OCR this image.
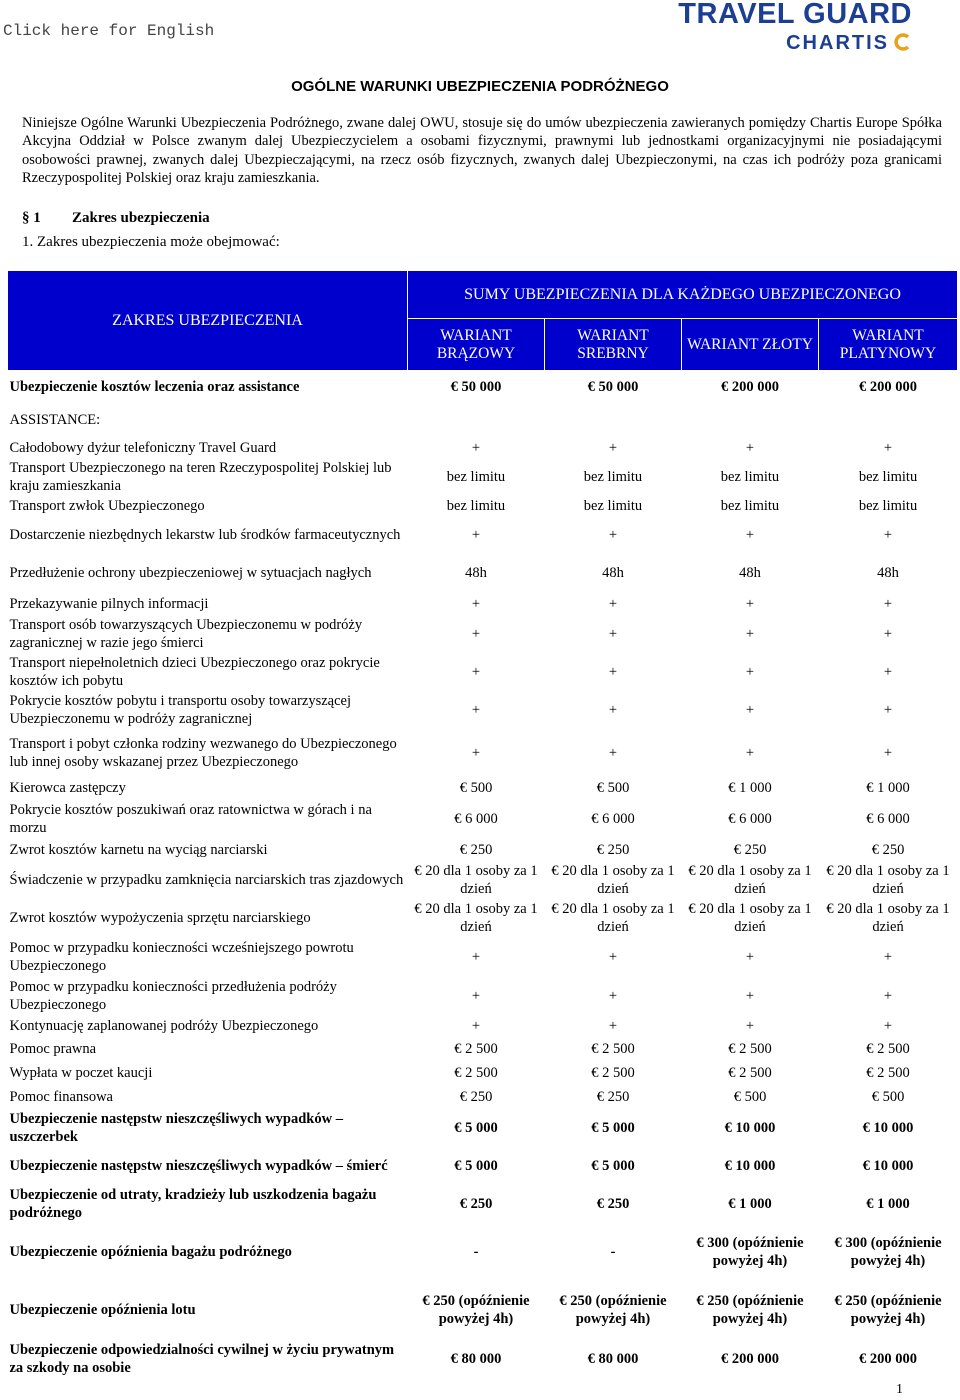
Click here for English
TRAVEL GUARD
CHARTIS
OGÓLNE WARUNKI UBEZPIECZENIA PODRÓŻNEGO
Niniejsze Ogólne Warunki Ubezpieczenia Podróżnego, zwane dalej OWU, stosuje się do umów ubezpieczenia zawieranych pomiędzy Chartis Europe Spółka Akcyjna Oddział w Polsce zwanym dalej Ubezpieczycielem a osobami fizycznymi, prawnymi lub jednostkami organizacyjnymi nie posiadającymi osobowości prawnej, zwanych dalej Ubezpieczającymi, na rzecz osób fizycznych, zwanych dalej Ubezpieczonymi, na czas ich podróży poza granicami Rzeczypospolitej Polskiej oraz kraju zamieszkania.
§ 1 Zakres ubezpieczenia
1. Zakres ubezpieczenia może obejmować:
ZAKRES UBEZPIECZENIA	SUMY UBEZPIECZENIA DLA KAŻDEGO UBEZPIECZONEGO			
	WARIANT BRĄZOWY	WARIANT SREBRNY	WARIANT ZŁOTY	WARIANT PLATYNOWY
Ubezpieczenie kosztów leczenia oraz assistance	€ 50 000	€ 50 000	€ 200 000	€ 200 000
ASSISTANCE:				
Całodobowy dyżur telefoniczny Travel Guard	+	+	+	+
Transport Ubezpieczonego na teren Rzeczypospolitej Polskiej lub kraju zamieszkania	bez limitu	bez limitu	bez limitu	bez limitu
Transport zwłok Ubezpieczonego	bez limitu	bez limitu	bez limitu	bez limitu
Dostarczenie niezbędnych lekarstw lub środków farmaceutycznych	+	+	+	+
Przedłużenie ochrony ubezpieczeniowej w sytuacjach nagłych	48h	48h	48h	48h
Przekazywanie pilnych informacji	+	+	+	+
Transport osób towarzyszących Ubezpieczonemu w podróży zagranicznej w razie jego śmierci	+	+	+	+
Transport niepełnoletnich dzieci Ubezpieczonego oraz pokrycie kosztów ich pobytu	+	+	+	+
Pokrycie kosztów pobytu i transportu osoby towarzyszącej Ubezpieczonemu w podróży zagranicznej	+	+	+	+
Transport i pobyt członka rodziny wezwanego do Ubezpieczonego lub innej osoby wskazanej przez Ubezpieczonego	+	+	+	+
Kierowca zastępczy	€ 500	€ 500	€ 1 000	€ 1 000
Pokrycie kosztów poszukiwań oraz ratownictwa w górach i na morzu	€ 6 000	€ 6 000	€ 6 000	€ 6 000
Zwrot kosztów karnetu na wyciąg narciarski	€ 250	€ 250	€ 250	€ 250
Świadczenie w przypadku zamknięcia narciarskich tras zjazdowych	€ 20 dla 1 osoby za 1 dzień	€ 20 dla 1 osoby za 1 dzień	€ 20 dla 1 osoby za 1 dzień	€ 20 dla 1 osoby za 1 dzień
Zwrot kosztów wypożyczenia sprzętu narciarskiego	€ 20 dla 1 osoby za 1 dzień	€ 20 dla 1 osoby za 1 dzień	€ 20 dla 1 osoby za 1 dzień	€ 20 dla 1 osoby za 1 dzień
Pomoc w przypadku konieczności wcześniejszego powrotu Ubezpieczonego	+	+	+	+
Pomoc w przypadku konieczności przedłużenia podróży Ubezpieczonego	+	+	+	+
Kontynuację zaplanowanej podróży Ubezpieczonego	+	+	+	+
Pomoc prawna	€ 2 500	€ 2 500	€ 2 500	€ 2 500
Wypłata w poczet kaucji	€ 2 500	€ 2 500	€ 2 500	€ 2 500
Pomoc finansowa	€ 250	€ 250	€ 500	€ 500
Ubezpieczenie następstw nieszczęśliwych wypadków – uszczerbek	€ 5 000	€ 5 000	€ 10 000	€ 10 000
Ubezpieczenie następstw nieszczęśliwych wypadków – śmierć	€ 5 000	€ 5 000	€ 10 000	€ 10 000
Ubezpieczenie od utraty, kradzieży lub uszkodzenia bagażu podróżnego	€ 250	€ 250	€ 1 000	€ 1 000
Ubezpieczenie opóźnienia bagażu podróżnego	-	-	€ 300 (opóźnienie powyżej 4h)	€ 300 (opóźnienie powyżej 4h)
Ubezpieczenie opóźnienia lotu	€ 250 (opóźnienie powyżej 4h)	€ 250 (opóźnienie powyżej 4h)	€ 250 (opóźnienie powyżej 4h)	€ 250 (opóźnienie powyżej 4h)
Ubezpieczenie odpowiedzialności cywilnej w życiu prywatnym za szkody na osobie	€ 80 000	€ 80 000	€ 200 000	€ 200 000
1
